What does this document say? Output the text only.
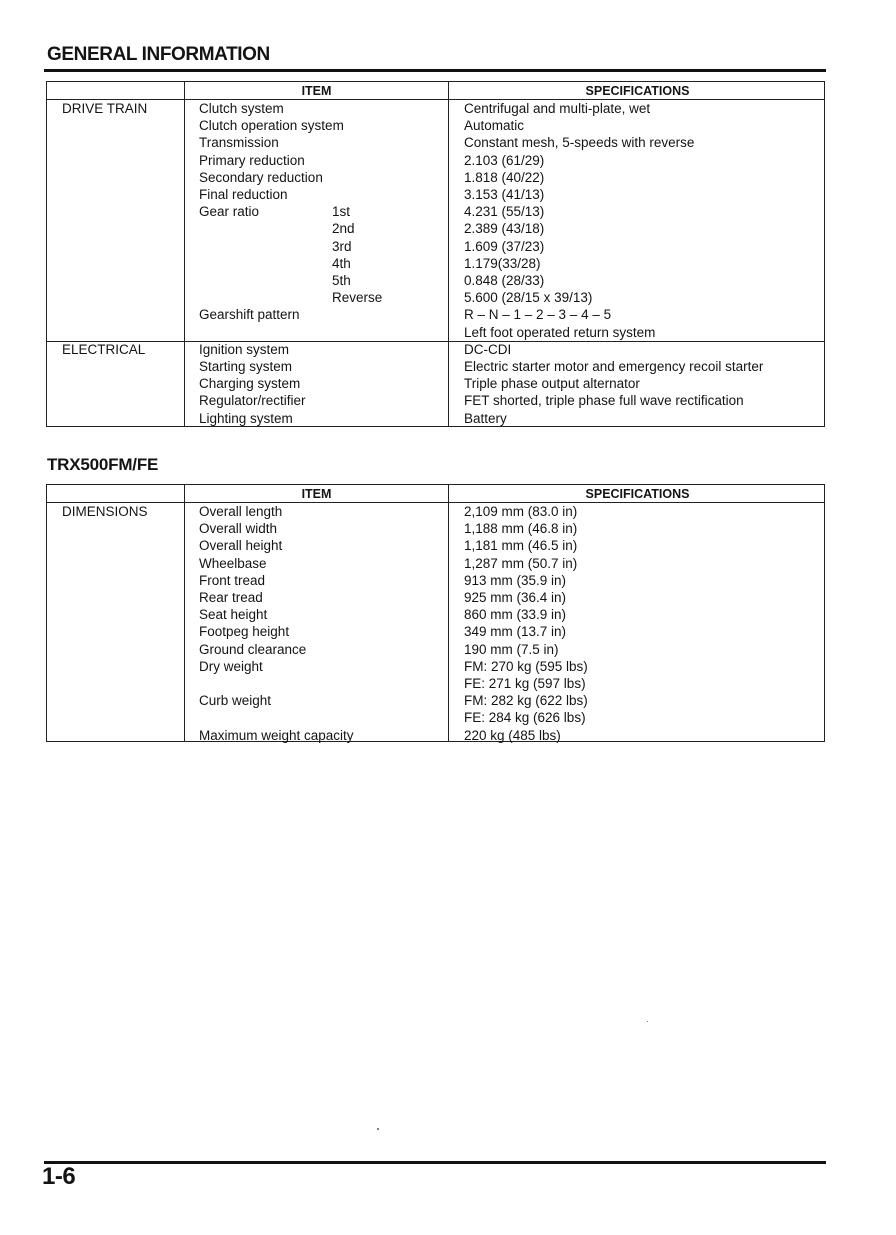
GENERAL INFORMATION
ITEM	SPECIFICATIONS
DRIVE TRAIN	Clutch system	Centrifugal and multi-plate, wet
Clutch operation system	Automatic
Transmission	Constant mesh, 5-speeds with reverse
Primary reduction	2.103 (61/29)
Secondary reduction	1.818 (40/22)
Final reduction	3.153 (41/13)
Gear ratio	1st	4.231 (55/13)
2nd	2.389 (43/18)
3rd	1.609 (37/23)
4th	1.179(33/28)
5th	0.848 (28/33)
Reverse	5.600 (28/15 x 39/13)
Gearshift pattern	R – N – 1 – 2 – 3 – 4 – 5
Left foot operated return system
ELECTRICAL	Ignition system	DC-CDI
Starting system	Electric starter motor and emergency recoil starter
Charging system	Triple phase output alternator
Regulator/rectifier	FET shorted, triple phase full wave rectification
Lighting system	Battery
TRX500FM/FE
ITEM	SPECIFICATIONS
DIMENSIONS	Overall length	2,109 mm (83.0 in)
Overall width	1,188 mm (46.8 in)
Overall height	1,181 mm (46.5 in)
Wheelbase	1,287 mm (50.7 in)
Front tread	913 mm (35.9 in)
Rear tread	925 mm (36.4 in)
Seat height	860 mm (33.9 in)
Footpeg height	349 mm (13.7 in)
Ground clearance	190 mm (7.5 in)
Dry weight	FM: 270 kg (595 lbs)
FE: 271 kg (597 lbs)
Curb weight	FM: 282 kg (622 lbs)
FE: 284 kg (626 lbs)
Maximum weight capacity	220 kg (485 lbs)
1-6
